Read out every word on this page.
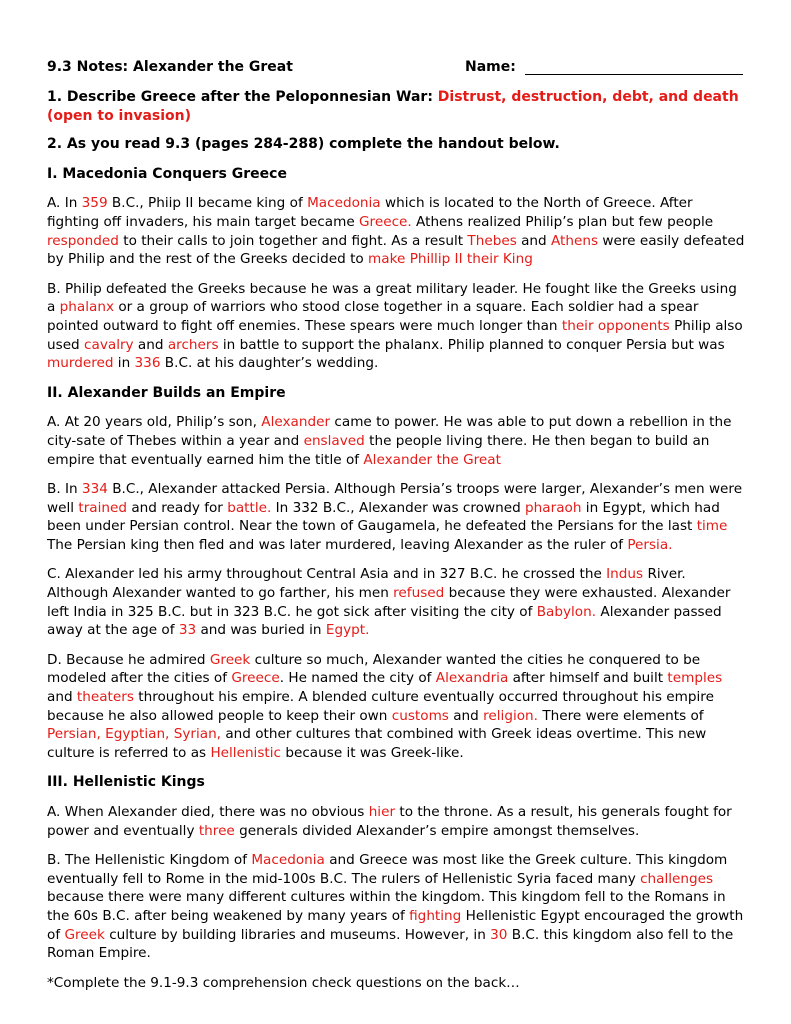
9.3 Notes: Alexander the Great	Name:

1. Describe Greece after the Peloponnesian War: Distrust, destruction, debt, and death (open to invasion)

2. As you read 9.3 (pages 284-288) complete the handout below.

I. Macedonia Conquers Greece

A. In 359 B.C., Phiip II became king of Macedonia which is located to the North of Greece. After fighting off invaders, his main target became Greece. Athens realized Philip’s plan but few people responded to their calls to join together and fight. As a result Thebes and Athens were easily defeated by Philip and the rest of the Greeks decided to make Phillip II their King

B. Philip defeated the Greeks because he was a great military leader. He fought like the Greeks using a phalanx or a group of warriors who stood close together in a square. Each soldier had a spear pointed outward to fight off enemies. These spears were much longer than their opponents Philip also used cavalry and archers in battle to support the phalanx. Philip planned to conquer Persia but was murdered in 336 B.C. at his daughter’s wedding.

II. Alexander Builds an Empire

A. At 20 years old, Philip’s son, Alexander came to power. He was able to put down a rebellion in the city-sate of Thebes within a year and enslaved the people living there. He then began to build an empire that eventually earned him the title of Alexander the Great

B. In 334 B.C., Alexander attacked Persia. Although Persia’s troops were larger, Alexander’s men were well trained and ready for battle. In 332 B.C., Alexander was crowned pharaoh in Egypt, which had been under Persian control. Near the town of Gaugamela, he defeated the Persians for the last time The Persian king then fled and was later murdered, leaving Alexander as the ruler of Persia.

C. Alexander led his army throughout Central Asia and in 327 B.C. he crossed the Indus River. Although Alexander wanted to go farther, his men refused because they were exhausted. Alexander left India in 325 B.C. but in 323 B.C. he got sick after visiting the city of Babylon. Alexander passed away at the age of 33 and was buried in Egypt.

D. Because he admired Greek culture so much, Alexander wanted the cities he conquered to be modeled after the cities of Greece. He named the city of Alexandria after himself and built temples and theaters throughout his empire. A blended culture eventually occurred throughout his empire because he also allowed people to keep their own customs and religion. There were elements of Persian, Egyptian, Syrian, and other cultures that combined with Greek ideas overtime. This new culture is referred to as Hellenistic because it was Greek-like.

III. Hellenistic Kings

A. When Alexander died, there was no obvious hier to the throne. As a result, his generals fought for power and eventually three generals divided Alexander’s empire amongst themselves.

B. The Hellenistic Kingdom of Macedonia and Greece was most like the Greek culture. This kingdom eventually fell to Rome in the mid-100s B.C. The rulers of Hellenistic Syria faced many challenges because there were many different cultures within the kingdom. This kingdom fell to the Romans in the 60s B.C. after being weakened by many years of fighting Hellenistic Egypt encouraged the growth of Greek culture by building libraries and museums. However, in 30 B.C. this kingdom also fell to the Roman Empire.

*Complete the 9.1-9.3 comprehension check questions on the back…
